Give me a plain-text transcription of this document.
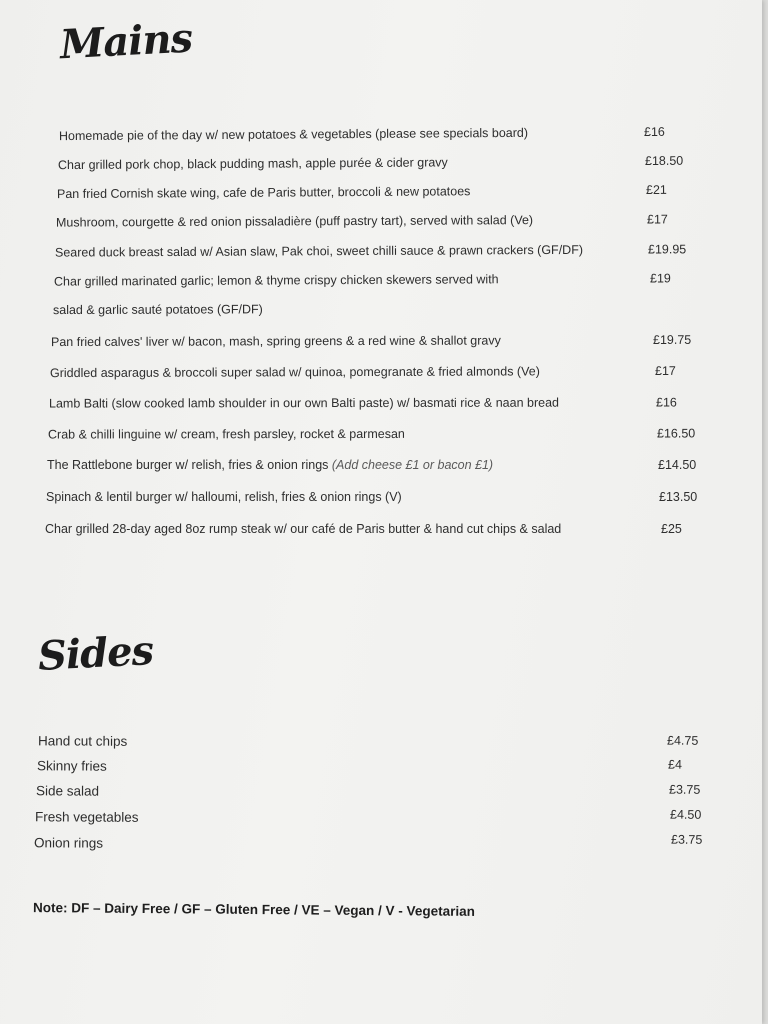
Mains
Homemade pie of the day w/ new potatoes & vegetables (please see specials board)	£16
Char grilled pork chop, black pudding mash, apple purée & cider gravy	£18.50
Pan fried Cornish skate wing, cafe de Paris butter, broccoli & new potatoes	£21
Mushroom, courgette & red onion pissaladière (puff pastry tart), served with salad (Ve)	£17
Seared duck breast salad w/ Asian slaw, Pak choi, sweet chilli sauce & prawn crackers (GF/DF)	£19.95
Char grilled marinated garlic; lemon & thyme crispy chicken skewers served with	£19
salad & garlic sauté potatoes (GF/DF)
Pan fried calves' liver w/ bacon, mash, spring greens & a red wine & shallot gravy	£19.75
Griddled asparagus & broccoli super salad w/ quinoa, pomegranate & fried almonds (Ve)	£17
Lamb Balti (slow cooked lamb shoulder in our own Balti paste) w/ basmati rice & naan bread	£16
Crab & chilli linguine w/ cream, fresh parsley, rocket & parmesan	£16.50
The Rattlebone burger w/ relish, fries & onion rings (Add cheese £1 or bacon £1)	£14.50
Spinach & lentil burger w/ halloumi, relish, fries & onion rings (V)	£13.50
Char grilled 28-day aged 8oz rump steak w/ our café de Paris butter & hand cut chips & salad	£25
Sides
Hand cut chips	£4.75
Skinny fries	£4
Side salad	£3.75
Fresh vegetables	£4.50
Onion rings	£3.75
Note: DF – Dairy Free / GF – Gluten Free / VE – Vegan / V - Vegetarian
